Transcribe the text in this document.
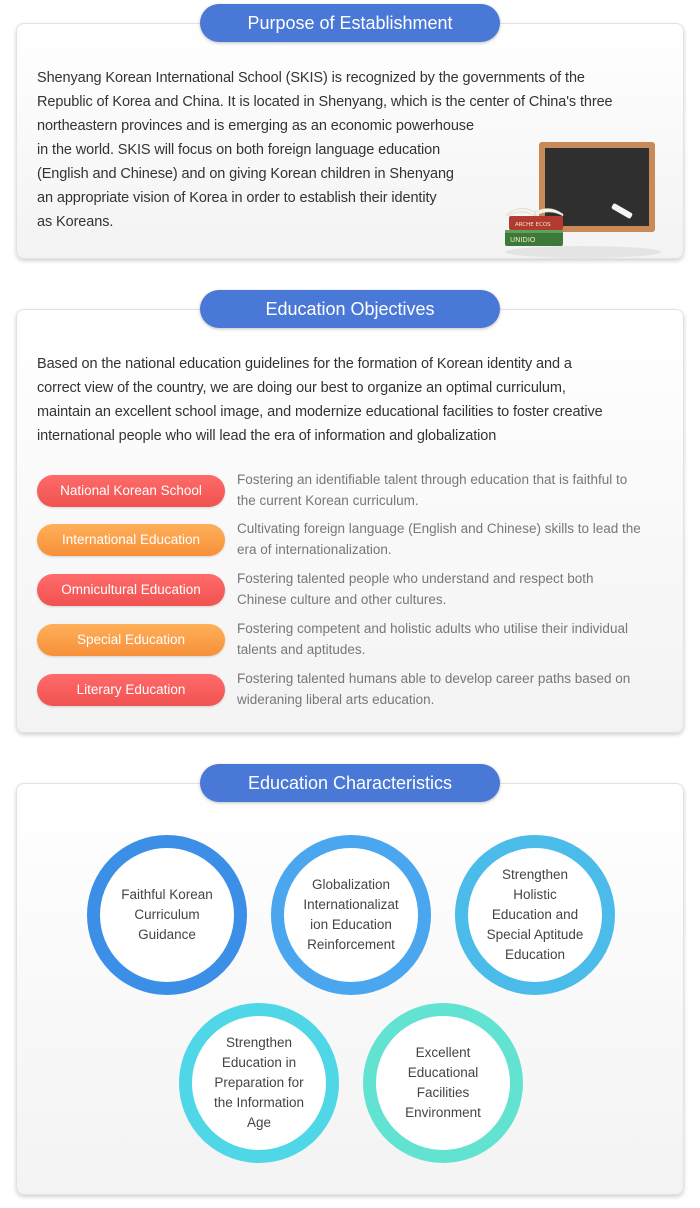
Purpose of Establishment
Shenyang Korean International School (SKIS) is recognized by the governments of the
Republic of Korea and China. It is located in Shenyang, which is the center of China's three
northeastern provinces and is emerging as an economic powerhouse
in the world. SKIS will focus on both foreign language education
(English and Chinese) and on giving Korean children in Shenyang
an appropriate vision of Korea in order to establish their identity
as Koreans.
UNIDIO
ARCHE ECOS
Education Objectives
Based on the national education guidelines for the formation of Korean identity and a
correct view of the country, we are doing our best to organize an optimal curriculum,
maintain an excellent school image, and modernize educational facilities to foster creative
international people who will lead the era of information and globalization
National Korean School
Fostering an identifiable talent through education that is faithful to
the current Korean curriculum.
International Education
Cultivating foreign language (English and Chinese) skills to lead the
era of internationalization.
Omnicultural Education
Fostering talented people who understand and respect both
Chinese culture and other cultures.
Special Education
Fostering competent and holistic adults who utilise their individual
talents and aptitudes.
Literary Education
Fostering talented humans able to develop career paths based on
wideraning liberal arts education.
Education Characteristics
Faithful Korean
Curriculum
Guidance
Globalization
Internationalizat
ion Education
Reinforcement
Strengthen
Holistic
Education and
Special Aptitude
Education
Strengthen
Education in
Preparation for
the Information
Age
Excellent
Educational
Facilities
Environment
